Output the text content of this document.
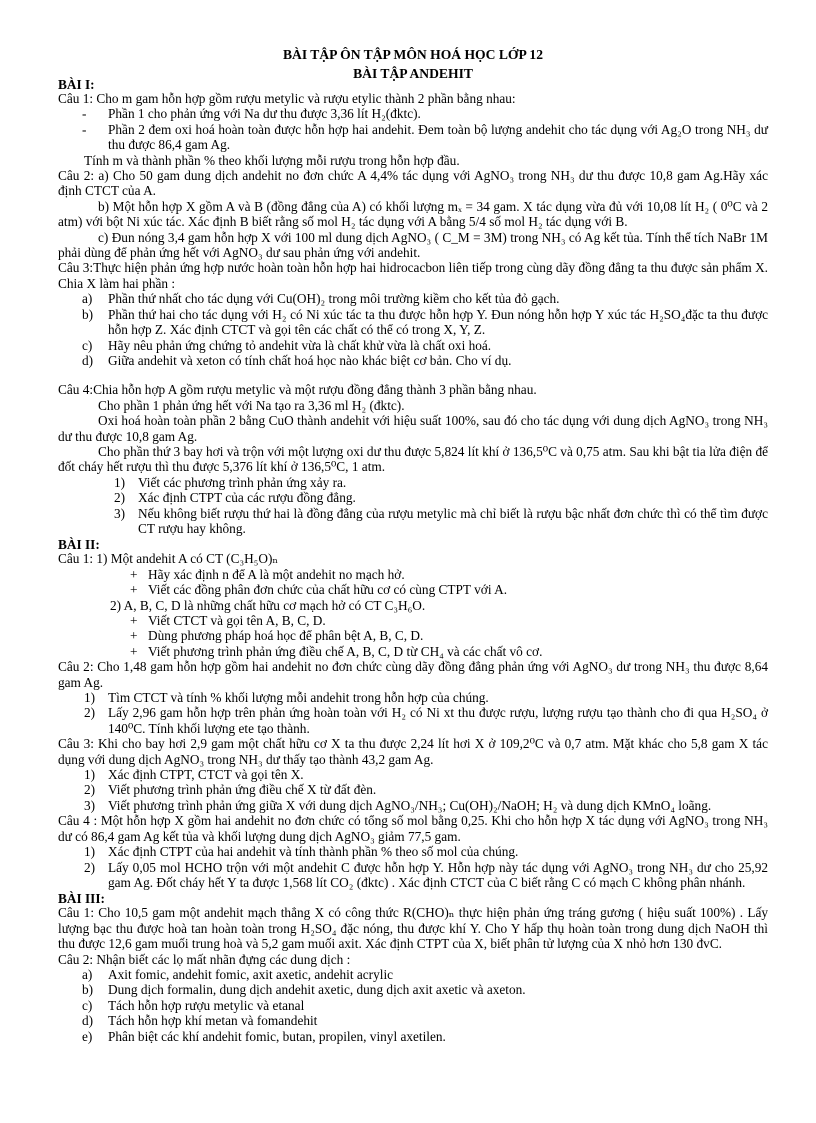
BÀI TẬP ÔN TẬP MÔN HOÁ HỌC LỚP 12
BÀI TẬP ANDEHIT
BÀI I:

Câu 1: Cho m gam hỗn hợp gồm rượu metylic và rượu etylic thành 2 phần bằng nhau:

-	Phần 1 cho phản ứng với Na dư thu được 3,36 lít H₂(đktc).
-	Phần 2 đem oxi hoá hoàn toàn được hỗn hợp hai andehit. Đem toàn bộ lượng andehit cho tác dụng với Ag₂O trong NH₃ dư thu được 86,4 gam Ag.

Tính m và thành phần % theo khối lượng mỗi rượu trong hỗn hợp đầu.

Câu 2: a) Cho 50 gam dung dịch andehit no đơn chức A 4,4% tác dụng với AgNO₃ trong NH₃ dư thu được 10,8 gam Ag.Hãy xác định CTCT của A.

b) Một hỗn hợp X gồm A và B (đồng đẳng của A) có khối lượng mₓ = 34 gam. X tác dụng vừa đủ với 10,08 lít H₂ ( 0⁰C và 2 atm) với bột Ni xúc tác. Xác định B biết rằng số mol H₂ tác dụng với A bằng 5/4 số mol H₂ tác dụng với B.

c) Đun nóng 3,4 gam hỗn hợp X với 100 ml dung dịch AgNO₃ ( C_M = 3M) trong NH₃ có Ag kết tủa. Tính thể tích NaBr 1M phải dùng để phản ứng hết với AgNO₃ dư sau phản ứng với andehit.

Câu 3:Thực hiện phản ứng hợp nước hoàn toàn hỗn hợp hai hidrocacbon liên tiếp trong cùng dãy đồng đẳng ta thu được sản phẩm X. Chia X làm hai phần :

a)	Phần thứ nhất cho tác dụng với Cu(OH)₂ trong môi trường kiềm cho kết tủa đỏ gạch.
b)	Phần thứ hai cho tác dụng với H₂ có Ni xúc tác ta thu được hỗn hợp Y. Đun nóng hỗn hợp Y xúc tác H₂SO₄đặc ta thu được hỗn hợp Z. Xác định CTCT và gọi tên các chất có thể có trong X, Y, Z.
c)	Hãy nêu phản ứng chứng tỏ andehit vừa là chất khử vừa là chất oxi hoá.
d)	Giữa andehit và xeton có tính chất hoá học nào khác biệt cơ bản. Cho ví dụ.

Câu 4:Chia hỗn hợp A gồm rượu metylic và một rượu đồng đẳng thành 3 phần bằng nhau.

Cho phần 1 phản ứng hết với Na tạo ra 3,36 ml H₂ (đktc).

Oxi hoá hoàn toàn phần 2 bằng CuO thành andehit với hiệu suất 100%, sau đó cho tác dụng với dung dịch AgNO₃ trong NH₃ dư thu được 10,8 gam Ag.

Cho phần thứ 3 bay hơi và trộn với một lượng oxi dư thu được 5,824 lít khí ở 136,5⁰C và 0,75 atm. Sau khi bật tia lửa điện để đốt cháy hết rượu thì thu được 5,376 lít khí ở 136,5⁰C, 1 atm.

1) Viết các phương trình phản ứng xảy ra.
2) Xác định CTPT của các rượu đồng đẳng.
3) Nếu không biết rượu thứ hai là đồng đẳng của rượu metylic mà chỉ biết là rượu bậc nhất đơn chức thì có thể tìm được CT rượu hay không.
BÀI II:

Câu 1: 1) Một andehit A có CT (C₃H₅O)ₙ

+ Hãy xác định n để A là một andehit no mạch hở.
+ Viết các đồng phân đơn chức của chất hữu cơ có cùng CTPT với A.

2) A, B, C, D là những chất hữu cơ mạch hở có CT C₃H₆O.

+ Viết CTCT và gọi tên A, B, C, D.
+ Dùng phương pháp hoá học để phân bệt A, B, C, D.
+ Viết phương trình phản ứng điều chế A, B, C, D từ CH₄ và các chất vô cơ.

Câu 2: Cho 1,48 gam hỗn hợp gồm hai andehit no đơn chức cùng dãy đồng đẳng phản ứng với AgNO₃ dư trong NH₃ thu được 8,64 gam Ag.

1) Tìm CTCT và tính % khối lượng mỗi andehit trong hỗn hợp của chúng.
2) Lấy 2,96 gam hỗn hợp trên phản ứng hoàn toàn với H₂ có Ni xt thu được rượu, lượng rượu tạo thành cho đi qua H₂SO₄ ở 140⁰C. Tính khối lượng ete tạo thành.

Câu 3: Khi cho bay hơi 2,9 gam một chất hữu cơ X ta thu được 2,24 lít hơi X ở 109,2⁰C và 0,7 atm. Mặt khác cho 5,8 gam X tác dụng với dung dịch AgNO₃ trong NH₃ dư thấy tạo thành 43,2 gam Ag.

1) Xác định CTPT, CTCT và gọi tên X.
2) Viết phương trình phản ứng điều chế X từ đất đèn.
3) Viết phương trình phản ứng giữa X với dung dịch AgNO₃/NH₃; Cu(OH)₂/NaOH; H₂ và dung dịch KMnO₄ loãng.

Câu 4 : Một hỗn hợp X gồm hai andehit no đơn chức có tổng số mol bằng 0,25. Khi cho hỗn hợp X tác dụng với AgNO₃ trong NH₃ dư có 86,4 gam Ag kết tủa và khối lượng dung dịch AgNO₃ giảm 77,5 gam.

1) Xác định CTPT của hai andehit và tính thành phần % theo số mol của chúng.
2) Lấy 0,05 mol HCHO trộn với một andehit C được hỗn hợp Y. Hỗn hợp này tác dụng với AgNO₃ trong NH₃ dư cho 25,92 gam Ag. Đốt cháy hết Y ta được 1,568 lít CO₂ (đktc) . Xác định CTCT của C biết rằng C có mạch C không phân nhánh.
BÀI III:

Câu 1: Cho 10,5 gam một andehit mạch thẳng X có công thức R(CHO)ₙ thực hiện phản ứng tráng gương ( hiệu suất 100%) . Lấy lượng bạc thu được hoà tan hoàn toàn trong H₂SO₄ đặc nóng, thu được khí Y. Cho Y hấp thụ hoàn toàn trong dung dịch NaOH thì thu được 12,6 gam muối trung hoà và 5,2 gam muối axit. Xác định CTPT của X, biết phân tử lượng của X nhỏ hơn 130 đvC.

Câu 2: Nhận biết các lọ mất nhãn đựng các dung dịch :

a)	Axit fomic, andehit fomic, axit axetic, andehit acrylic
b)	Dung dịch formalin, dung dịch andehit axetic, dung dịch axit axetic và axeton.
c)	Tách hỗn hợp rượu metylic và etanal
d)	Tách hỗn hợp khí metan và fomandehit
e)	Phân biệt các khí andehit fomic, butan, propilen, vinyl axetilen.
